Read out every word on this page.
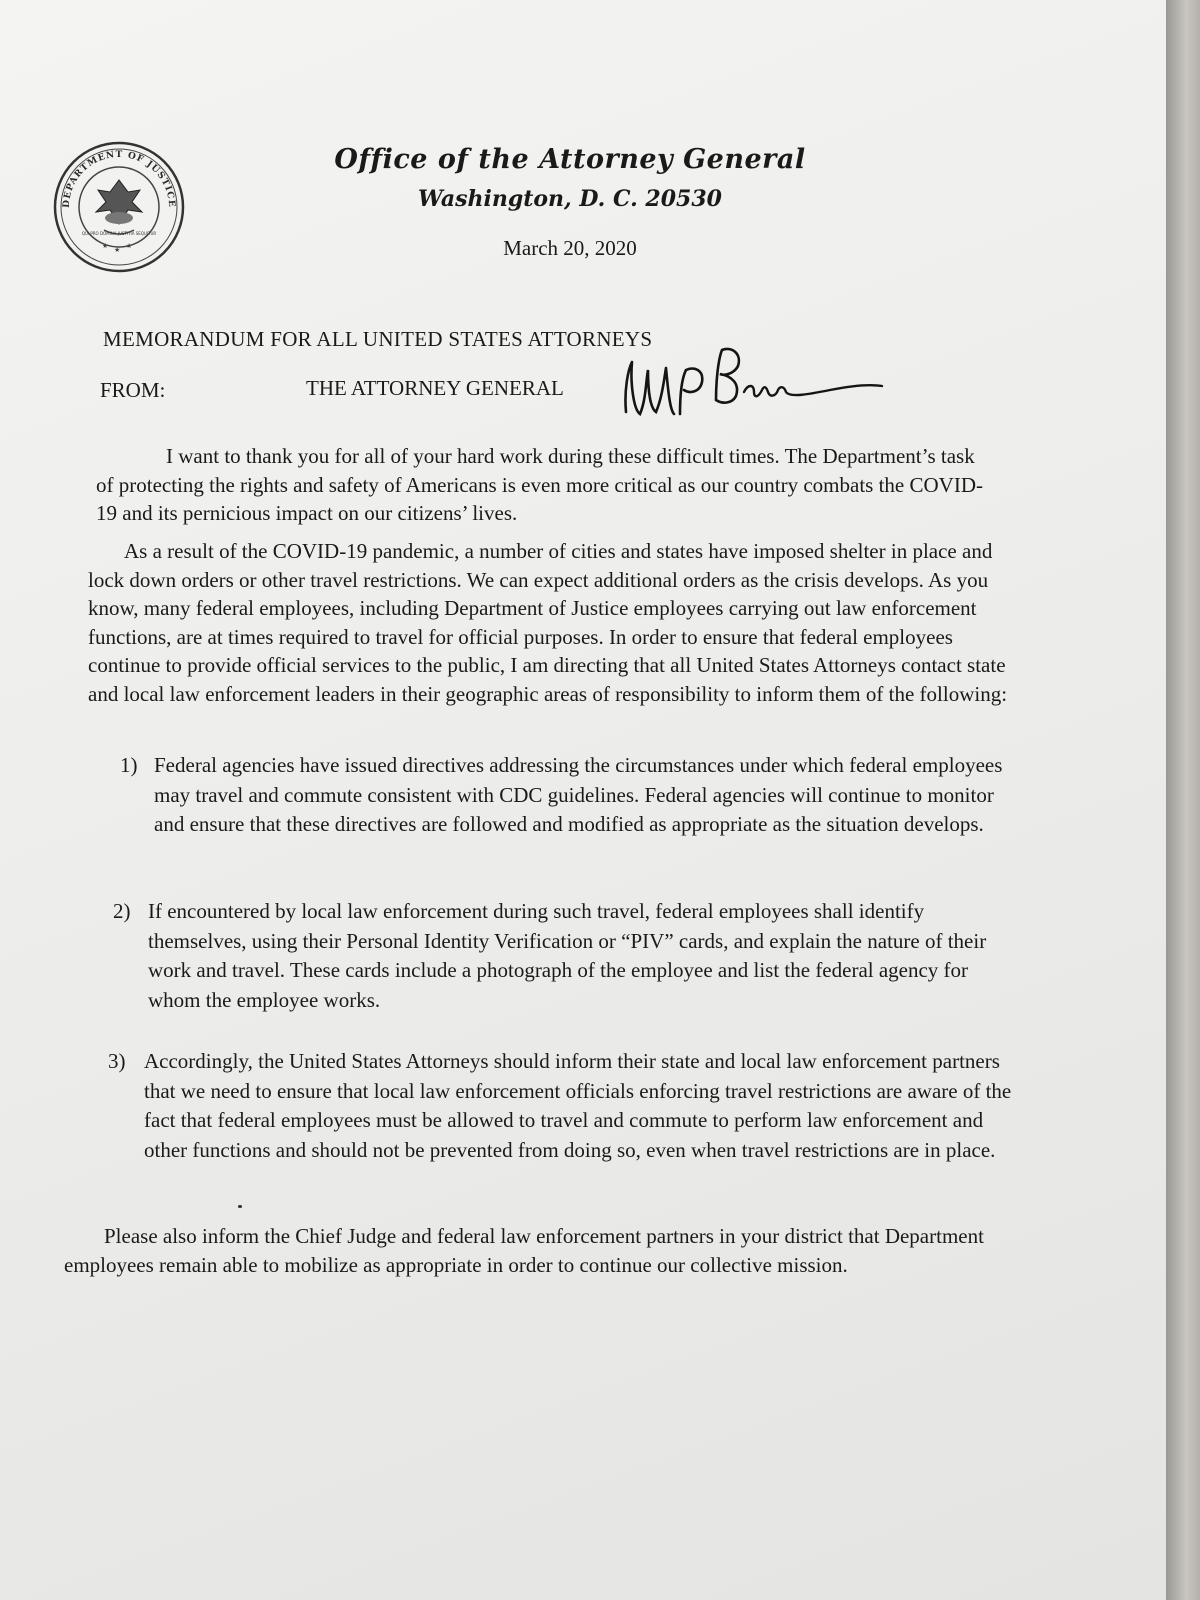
DEPARTMENT OF JUSTICE
QUI PRO DOMINA JUSTITIA SEQUITUR
★ ★ ★
Office of the Attorney General
Washington, D. C. 20530
March 20, 2020
MEMORANDUM FOR ALL UNITED STATES ATTORNEYS
FROM:	THE ATTORNEY GENERAL

I want to thank you for all of your hard work during these difficult times. The Department’s task of protecting the rights and safety of Americans is even more critical as our country combats the COVID-19 and its pernicious impact on our citizens’ lives.

As a result of the COVID-19 pandemic, a number of cities and states have imposed shelter in place and lock down orders or other travel restrictions. We can expect additional orders as the crisis develops. As you know, many federal employees, including Department of Justice employees carrying out law enforcement functions, are at times required to travel for official purposes. In order to ensure that federal employees continue to provide official services to the public, I am directing that all United States Attorneys contact state and local law enforcement leaders in their geographic areas of responsibility to inform them of the following:

1) Federal agencies have issued directives addressing the circumstances under which federal employees may travel and commute consistent with CDC guidelines. Federal agencies will continue to monitor and ensure that these directives are followed and modified as appropriate as the situation develops.

2) If encountered by local law enforcement during such travel, federal employees shall identify themselves, using their Personal Identity Verification or “PIV” cards, and explain the nature of their work and travel. These cards include a photograph of the employee and list the federal agency for whom the employee works.

3) Accordingly, the United States Attorneys should inform their state and local law enforcement partners that we need to ensure that local law enforcement officials enforcing travel restrictions are aware of the fact that federal employees must be allowed to travel and commute to perform law enforcement and other functions and should not be prevented from doing so, even when travel restrictions are in place.

Please also inform the Chief Judge and federal law enforcement partners in your district that Department employees remain able to mobilize as appropriate in order to continue our collective mission.
